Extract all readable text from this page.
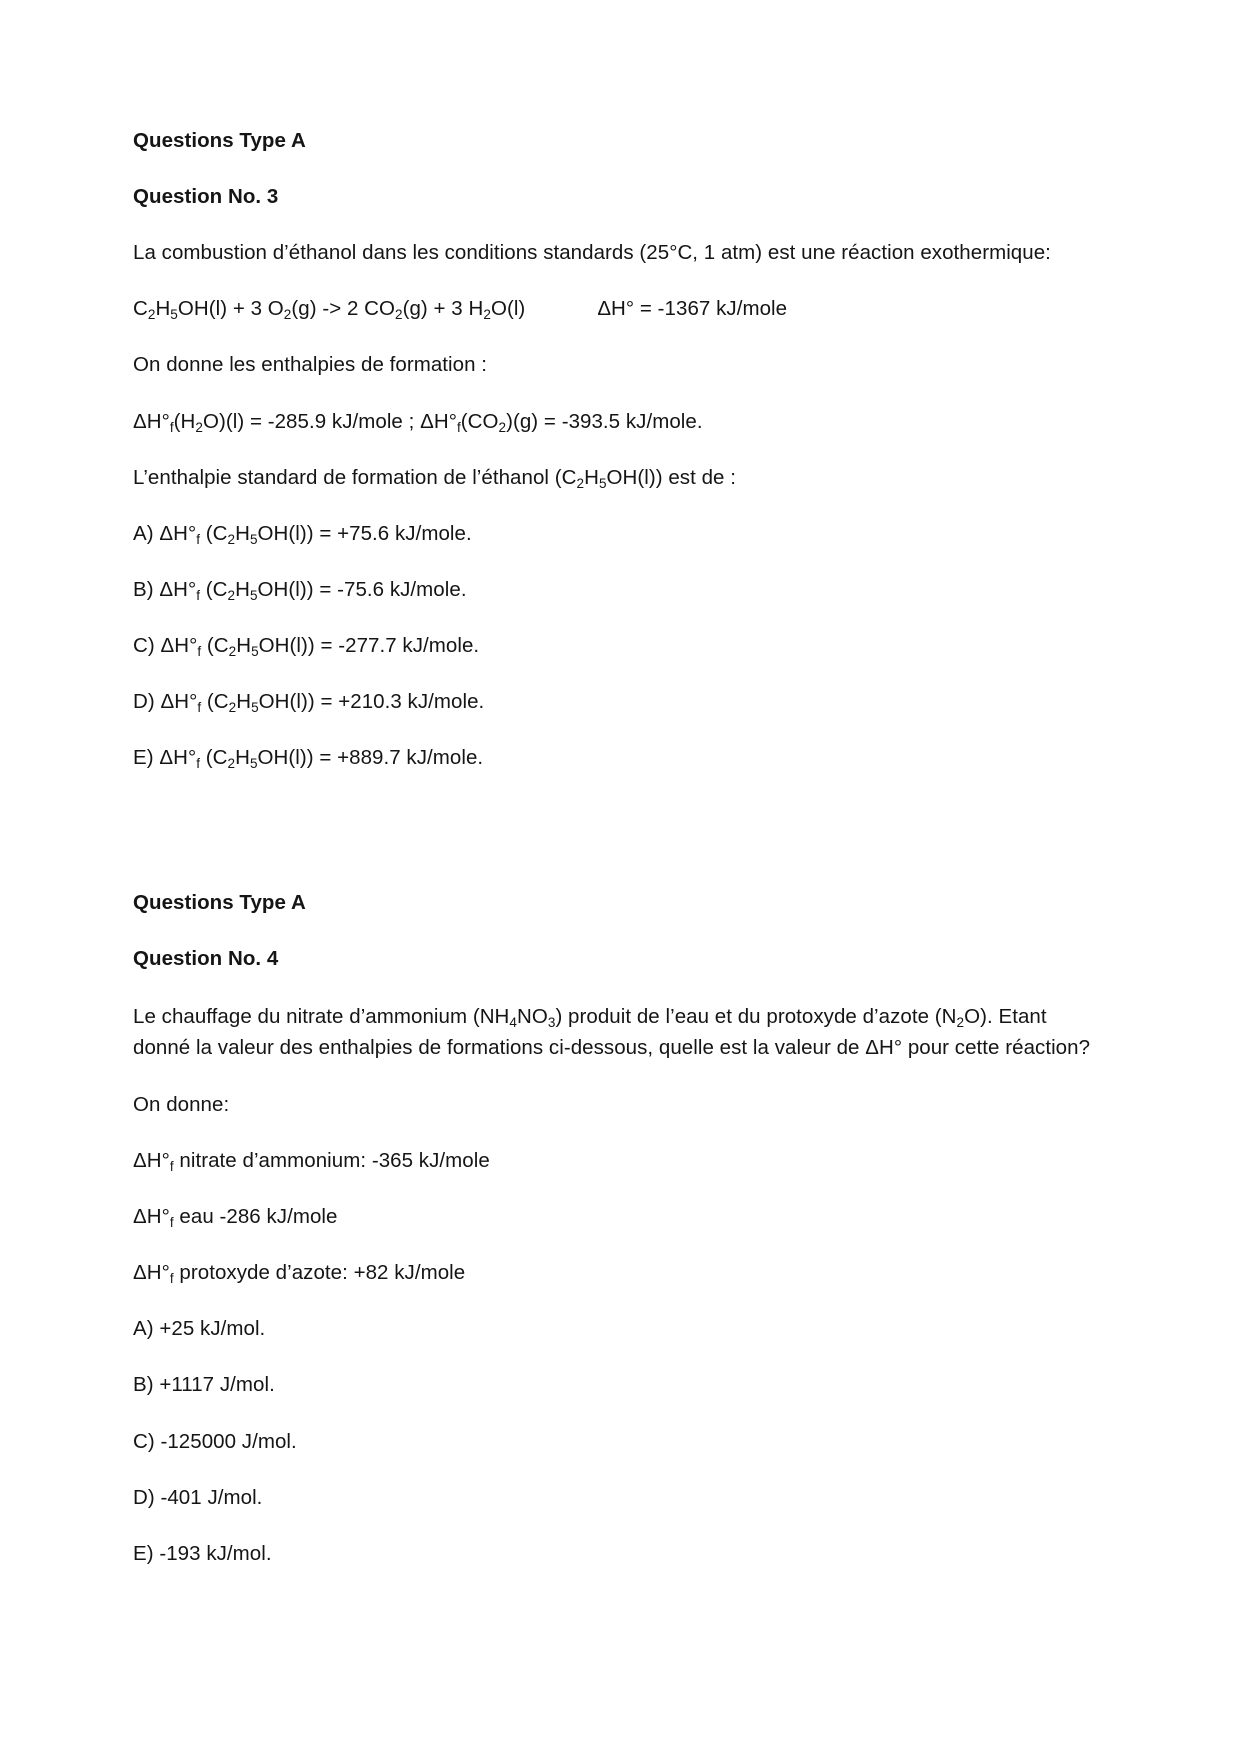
Questions Type A

Question No. 3

La combustion d’éthanol dans les conditions standards (25°C, 1 atm) est une réaction exothermique:

C2H5OH(l) + 3 O2(g) -> 2 CO2(g) + 3 H2O(l)	ΔH° = -1367 kJ/mole

On donne les enthalpies de formation :

ΔH°f(H2O)(l) = -285.9 kJ/mole ; ΔH°f(CO2)(g) = -393.5 kJ/mole.

L’enthalpie standard de formation de l’éthanol (C2H5OH(l)) est de :

A) ΔH°f (C2H5OH(l)) = +75.6 kJ/mole.

B) ΔH°f (C2H5OH(l)) = -75.6 kJ/mole.

C) ΔH°f (C2H5OH(l)) = -277.7 kJ/mole.

D) ΔH°f (C2H5OH(l)) = +210.3 kJ/mole.

E) ΔH°f (C2H5OH(l)) = +889.7 kJ/mole.

Questions Type A

Question No. 4

Le chauffage du nitrate d’ammonium (NH4NO3) produit de l’eau et du protoxyde d’azote (N2O). Etant donné la valeur des enthalpies de formations ci-dessous, quelle est la valeur de ΔH° pour cette réaction?

On donne:

ΔH°f nitrate d’ammonium: -365 kJ/mole

ΔH°f eau -286 kJ/mole

ΔH°f protoxyde d’azote: +82 kJ/mole

A) +25 kJ/mol.

B) +1117 J/mol.

C) -125000 J/mol.

D) -401 J/mol.

E) -193 kJ/mol.
